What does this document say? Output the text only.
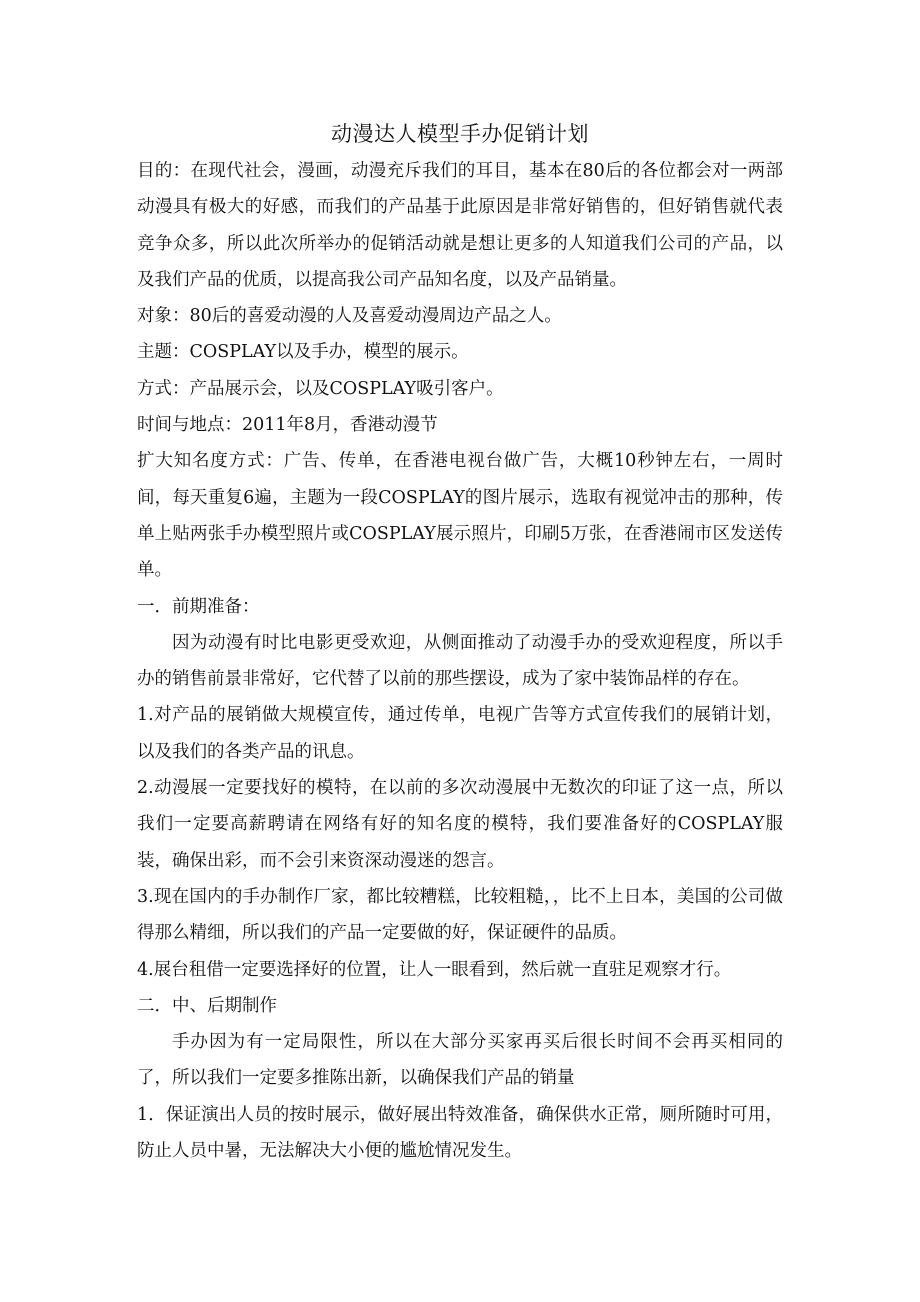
动漫达人模型手办促销计划

目的：在现代社会，漫画，动漫充斥我们的耳目，基本在80后的各位都会对一两部动漫具有极大的好感，而我们的产品基于此原因是非常好销售的，但好销售就代表竞争众多，所以此次所举办的促销活动就是想让更多的人知道我们公司的产品，以及我们产品的优质，以提高我公司产品知名度，以及产品销量。

对象：80后的喜爱动漫的人及喜爱动漫周边产品之人。

主题：COSPLAY以及手办，模型的展示。

方式：产品展示会，以及COSPLAY吸引客户。

时间与地点：2011年8月，香港动漫节

扩大知名度方式：广告、传单，在香港电视台做广告，大概10秒钟左右，一周时间，每天重复6遍，主题为一段COSPLAY的图片展示，选取有视觉冲击的那种，传单上贴两张手办模型照片或COSPLAY展示照片，印刷5万张，在香港闹市区发送传单。

一．前期准备：

因为动漫有时比电影更受欢迎，从侧面推动了动漫手办的受欢迎程度，所以手办的销售前景非常好，它代替了以前的那些摆设，成为了家中装饰品样的存在。

1.对产品的展销做大规模宣传，通过传单，电视广告等方式宣传我们的展销计划，以及我们的各类产品的讯息。

2.动漫展一定要找好的模特，在以前的多次动漫展中无数次的印证了这一点，所以我们一定要高薪聘请在网络有好的知名度的模特，我们要准备好的COSPLAY服装，确保出彩，而不会引来资深动漫迷的怨言。

3.现在国内的手办制作厂家，都比较糟糕，比较粗糙，，比不上日本，美国的公司做得那么精细，所以我们的产品一定要做的好，保证硬件的品质。

4.展台租借一定要选择好的位置，让人一眼看到，然后就一直驻足观察才行。

二．中、后期制作

手办因为有一定局限性，所以在大部分买家再买后很长时间不会再买相同的了，所以我们一定要多推陈出新，以确保我们产品的销量

1．保证演出人员的按时展示，做好展出特效准备，确保供水正常，厕所随时可用，防止人员中暑，无法解决大小便的尴尬情况发生。
